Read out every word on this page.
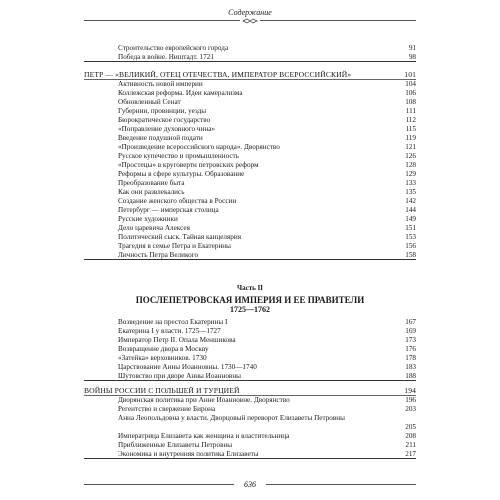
Содержание
Строительство европейского города	91
Победа в войне. Ништадт. 1721	98
ПЕТР — «ВЕЛИКИЙ, ОТЕЦ ОТЕЧЕСТВА, ИМПЕРАТОР ВСЕРОССИЙСКИЙ»	101
Активность новой империи	104
Коллежская реформа. Идеи камерализма	106
Обновленный Сенат	108
Губернии, провинции, уезды	111
Бюрократическое государство	112
«Поправление духовного чина»	115
Введение подушной подати	119
«Произведение всероссийского народа». Дворянство	121
Русское купечество и промышленность	126
«Простецы» в круговерти петровских реформ	128
Реформы в сфере культуры. Образование	129
Преобразование быта	133
Как они развлекались	135
Создание женского общества в России	142
Петербург — имперская столица	144
Русские художники	149
Дело царевича Алексея	151
Политический сыск. Тайная канцелярия	153
Трагедия в семье Петра и Екатерины	156
Личность Петра Великого	158
Часть II
ПОСЛЕПЕТРОВСКАЯ ИМПЕРИЯ И ЕЕ ПРАВИТЕЛИ
1725—1762
Возведение на престол Екатерины I	167
Екатерина I у власти. 1725—1727	169
Император Петр II. Опала Меншикова	173
Возвращение двора в Москву	176
«Затейка» верховников. 1730	178
Царствование Анны Иоанновны. 1730—1740	183
Шутовство при дворе Анны Иоанновны	188
ВОЙНЫ РОССИИ С ПОЛЬШЕЙ И ТУРЦИЕЙ	194
Дворянская политика при Анне Иоанновне. Дворянство	196
Регентство и свержение Бирона	203
Анна Леопольдовна у власти. Дворцовый переворот Елизаветы Петровны
205
Императрица Елизавета как женщина и властительница	208
Приближенные Елизаветы Петровны	211
Экономика и внутренняя политика Елизаветы	217
636
